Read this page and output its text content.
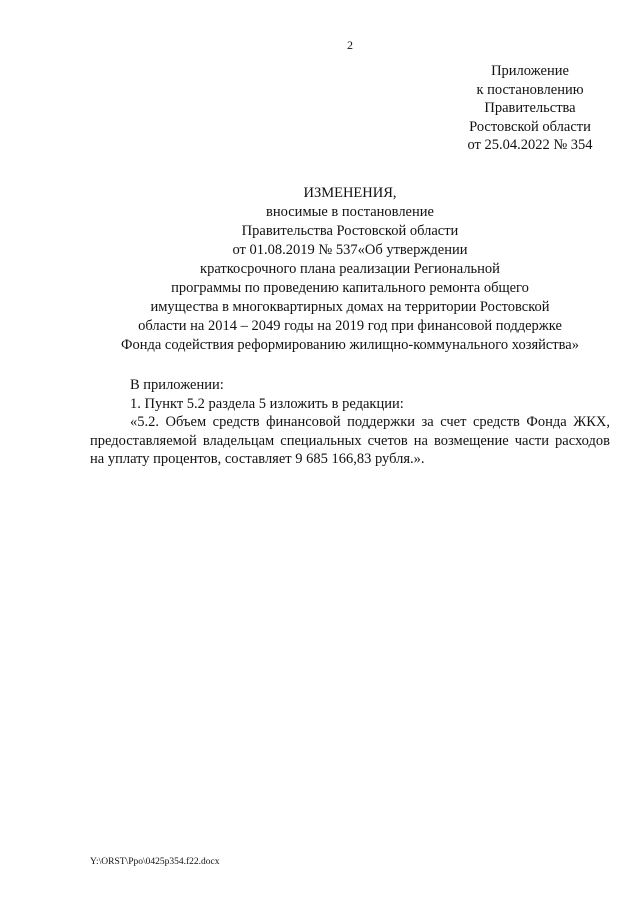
2
Приложение
к постановлению
Правительства
Ростовской области
от 25.04.2022 № 354
ИЗМЕНЕНИЯ,
вносимые в постановление
Правительства Ростовской области
от 01.08.2019 № 537«Об утверждении
краткосрочного плана реализации Региональной
программы по проведению капитального ремонта общего
имущества в многоквартирных домах на территории Ростовской
области на 2014 – 2049 годы на 2019 год при финансовой поддержке
Фонда содействия реформированию жилищно-коммунального хозяйства»
В приложении:
1. Пункт 5.2 раздела 5 изложить в редакции:
«5.2. Объем средств финансовой поддержки за счет средств Фонда ЖКХ, предоставляемой владельцам специальных счетов на возмещение части расходов на уплату процентов, составляет 9 685 166,83 рубля.».
Y:\ORST\Ppo\0425p354.f22.docx
